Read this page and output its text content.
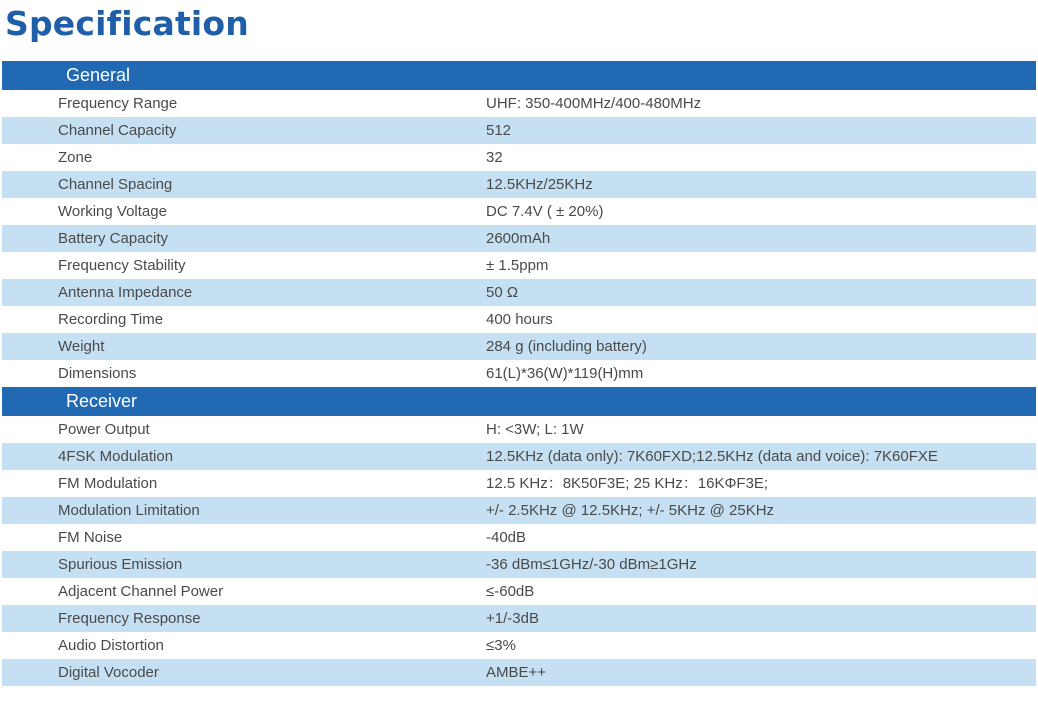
Specification
General
Frequency Range	UHF: 350-400MHz/400-480MHz
Channel Capacity	512
Zone	32
Channel Spacing	12.5KHz/25KHz
Working Voltage	DC 7.4V ( ± 20%)
Battery Capacity	2600mAh
Frequency Stability	± 1.5ppm
Antenna Impedance	50 Ω
Recording Time	400 hours
Weight	284 g (including battery)
Dimensions	61(L)*36(W)*119(H)mm
Receiver
Power Output	H: <3W; L: 1W
4FSK Modulation	12.5KHz (data only): 7K60FXD;12.5KHz (data and voice): 7K60FXE
FM Modulation	12.5 KHz：8K50F3E; 25 KHz：16KΦF3E;
Modulation Limitation	+/- 2.5KHz @ 12.5KHz; +/- 5KHz @ 25KHz
FM Noise	-40dB
Spurious Emission	-36 dBm≤1GHz/-30 dBm≥1GHz
Adjacent Channel Power	≤-60dB
Frequency Response	+1/-3dB
Audio Distortion	≤3%
Digital Vocoder	AMBE++
